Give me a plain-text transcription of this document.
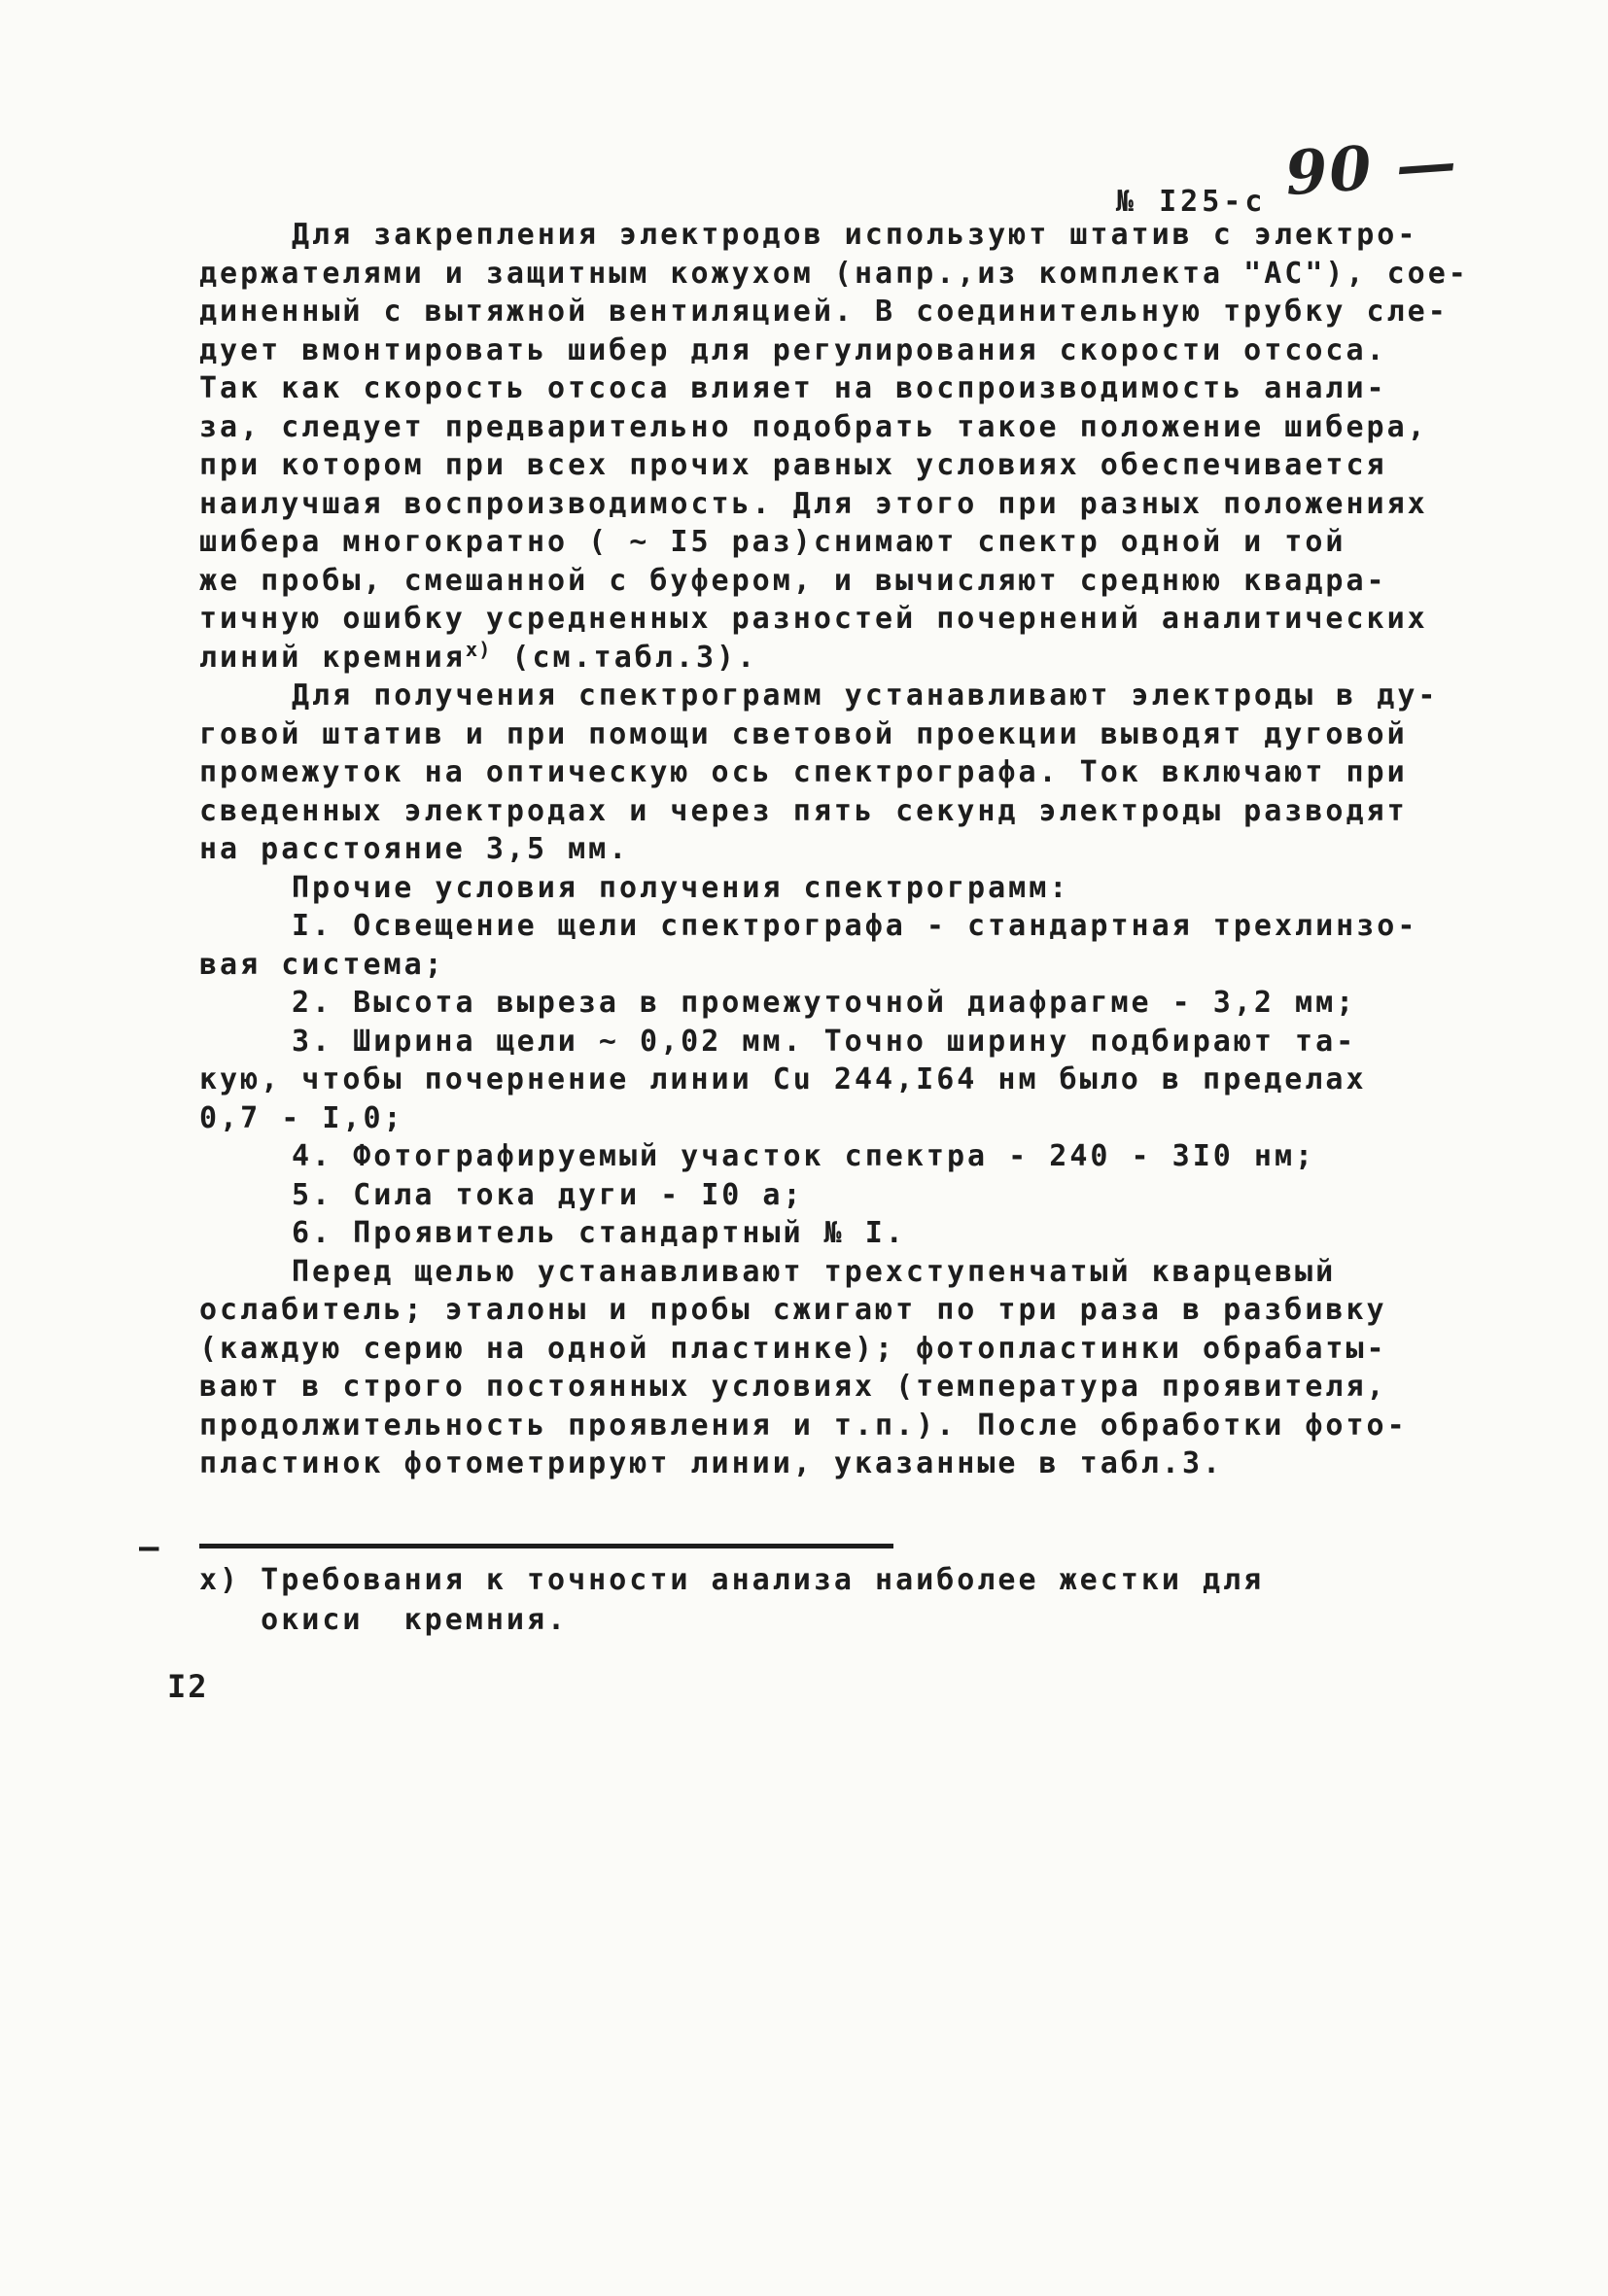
№ I25-с 90 —
Для закрепления электродов используют штатив с электро-
держателями и защитным кожухом (напр.,из комплекта "АС"), сое-
диненный с вытяжной вентиляцией. В соединительную трубку сле-
дует вмонтировать шибер для регулирования скорости отсоса.
Так как скорость отсоса влияет на воспроизводимость анали-
за, следует предварительно подобрать такое положение шибера,
при котором при всех прочих равных условиях обеспечивается
наилучшая воспроизводимость. Для этого при разных положениях
шибера многократно ( ~ I5 раз)снимают спектр одной и той
же пробы, смешанной с буфером, и вычисляют среднюю квадра-
тичную ошибку усредненных разностей почернений аналитических
линий кремния$^{х)}$ (см.табл.3).
Для получения спектрограмм устанавливают электроды в ду-
говой штатив и при помощи световой проекции выводят дуговой
промежуток на оптическую ось спектрографа. Ток включают при
сведенных электродах и через пять секунд электроды разводят
на расстояние 3,5 мм.
Прочие условия получения спектрограмм:
I. Освещение щели спектрографа - стандартная трехлинзо-
вая система;
2. Высота выреза в промежуточной диафрагме - 3,2 мм;
3. Ширина щели ~ 0,02 мм. Точно ширину подбирают та-
кую, чтобы почернение линии Cu 244,I64 нм было в пределах
0,7 - I,0;
4. Фотографируемый участок спектра - 240 - 3I0 нм;
5. Сила тока дуги - I0 а;
6. Проявитель стандартный № I.
Перед щелью устанавливают трехступенчатый кварцевый
ослабитель; эталоны и пробы сжигают по три раза в разбивку
(каждую серию на одной пластинке); фотопластинки обрабаты-
вают в строго постоянных условиях (температура проявителя,
продолжительность проявления и т.п.). После обработки фото-
пластинок фотометрируют линии, указанные в табл.3.
–
х) Требования к точности анализа наиболее жестки для
окиси  кремния.
I2
